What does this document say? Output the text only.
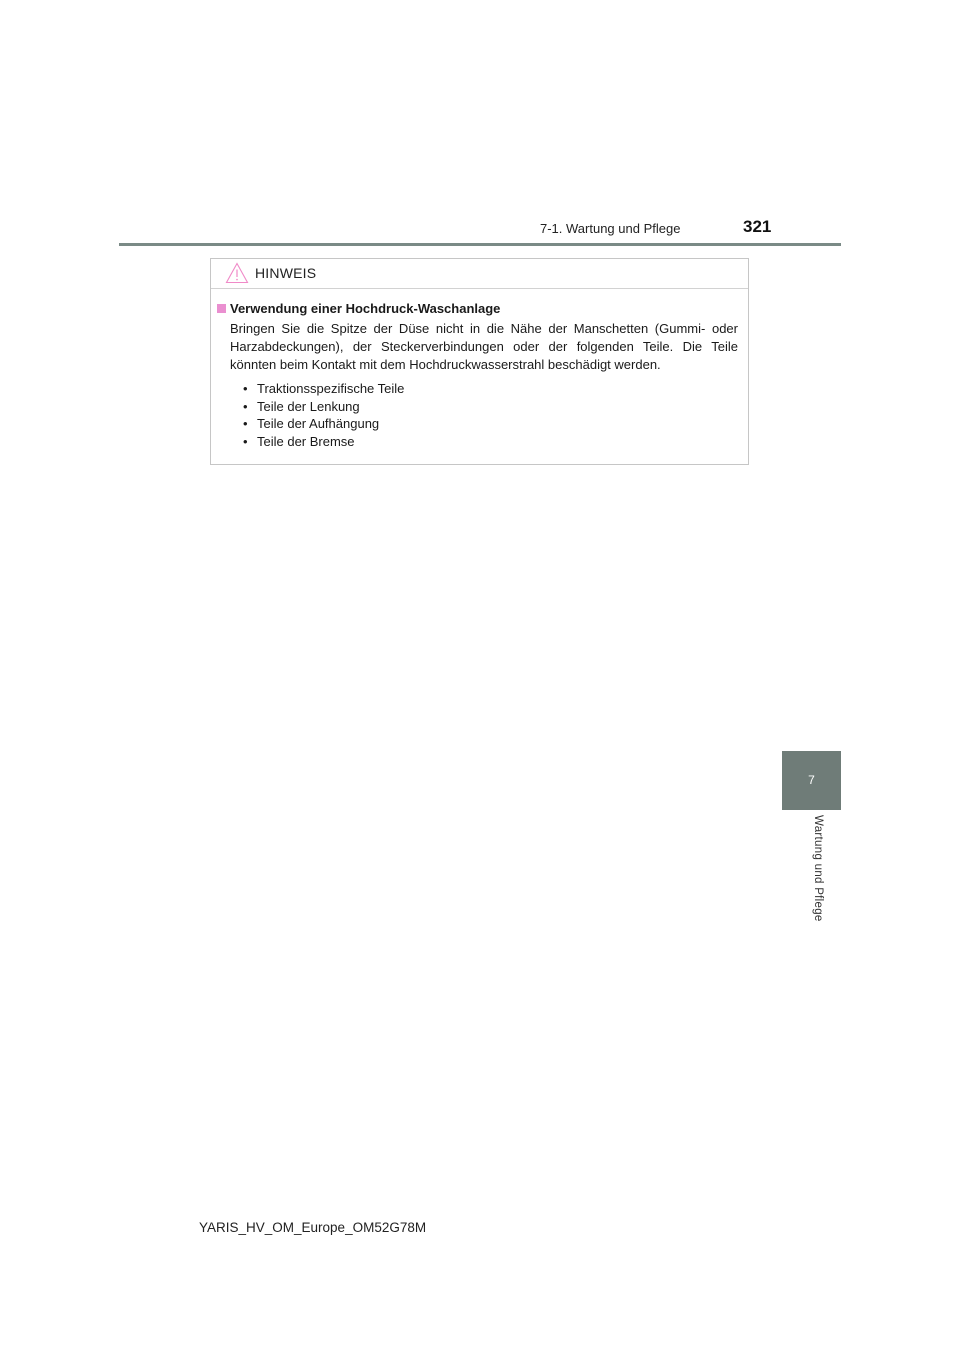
7-1. Wartung und Pflege	321
HINWEIS
Verwendung einer Hochdruck-Waschanlage

Bringen Sie die Spitze der Düse nicht in die Nähe der Manschetten (Gummi- oder Harzabdeckungen), der Steckerverbindungen oder der folgenden Teile. Die Teile könnten beim Kontakt mit dem Hochdruckwasserstrahl beschädigt werden.

• Traktionsspezifische Teile
• Teile der Lenkung
• Teile der Aufhängung
• Teile der Bremse
7
Wartung und Pflege
YARIS_HV_OM_Europe_OM52G78M
